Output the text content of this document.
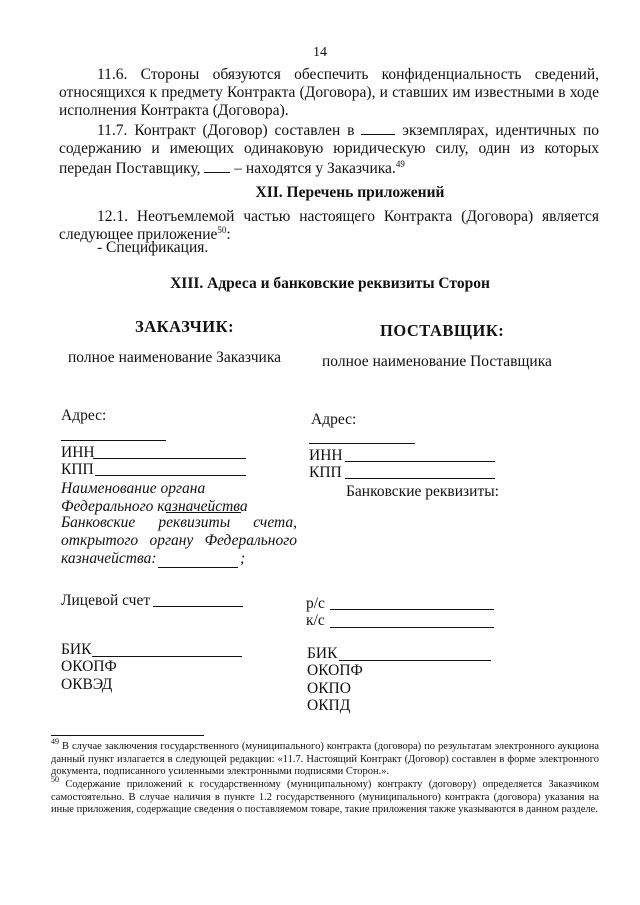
14
11.6. Стороны обязуются обеспечить конфиденциальность сведений, относящихся к предмету Контракта (Договора), и ставших им известными в ходе исполнения Контракта (Договора).
11.7. Контракт (Договор) составлен в	экземплярах, идентичных по содержанию и имеющих одинаковую юридическую силу, один из которых передан Поставщику, – находятся у Заказчика.$^{49}$
XII. Перечень приложений
12.1. Неотъемлемой частью настоящего Контракта (Договора) является следующее приложение$^{50}$:
- Спецификация.
XIII. Адреса и банковские реквизиты Сторон
ЗАКАЗЧИК:
полное наименование Заказчика
Адрес:
ИНН
КПП
Наименование органа Федерального казначейства
Банковские реквизиты счета, открытого органу Федерального казначейства:	;
Лицевой счет
БИК
ОКОПФ
ОКВЭД
ПОСТАВЩИК:
полное наименование Поставщика
Адрес:
ИНН
КПП
Банковские реквизиты:
р/с
к/с
БИК
ОКОПФ
ОКПО
ОКПД
$^{49}$ В случае заключения государственного (муниципального) контракта (договора) по результатам электронного аукциона данный пункт излагается в следующей редакции: «11.7. Настоящий Контракт (Договор) составлен в форме электронного документа, подписанного усиленными электронными подписями Сторон.».
$^{50}$ Содержание приложений к государственному (муниципальному) контракту (договору) определяется Заказчиком самостоятельно. В случае наличия в пункте 1.2 государственного (муниципального) контракта (договора) указания на иные приложения, содержащие сведения о поставляемом товаре, такие приложения также указываются в данном разделе.
